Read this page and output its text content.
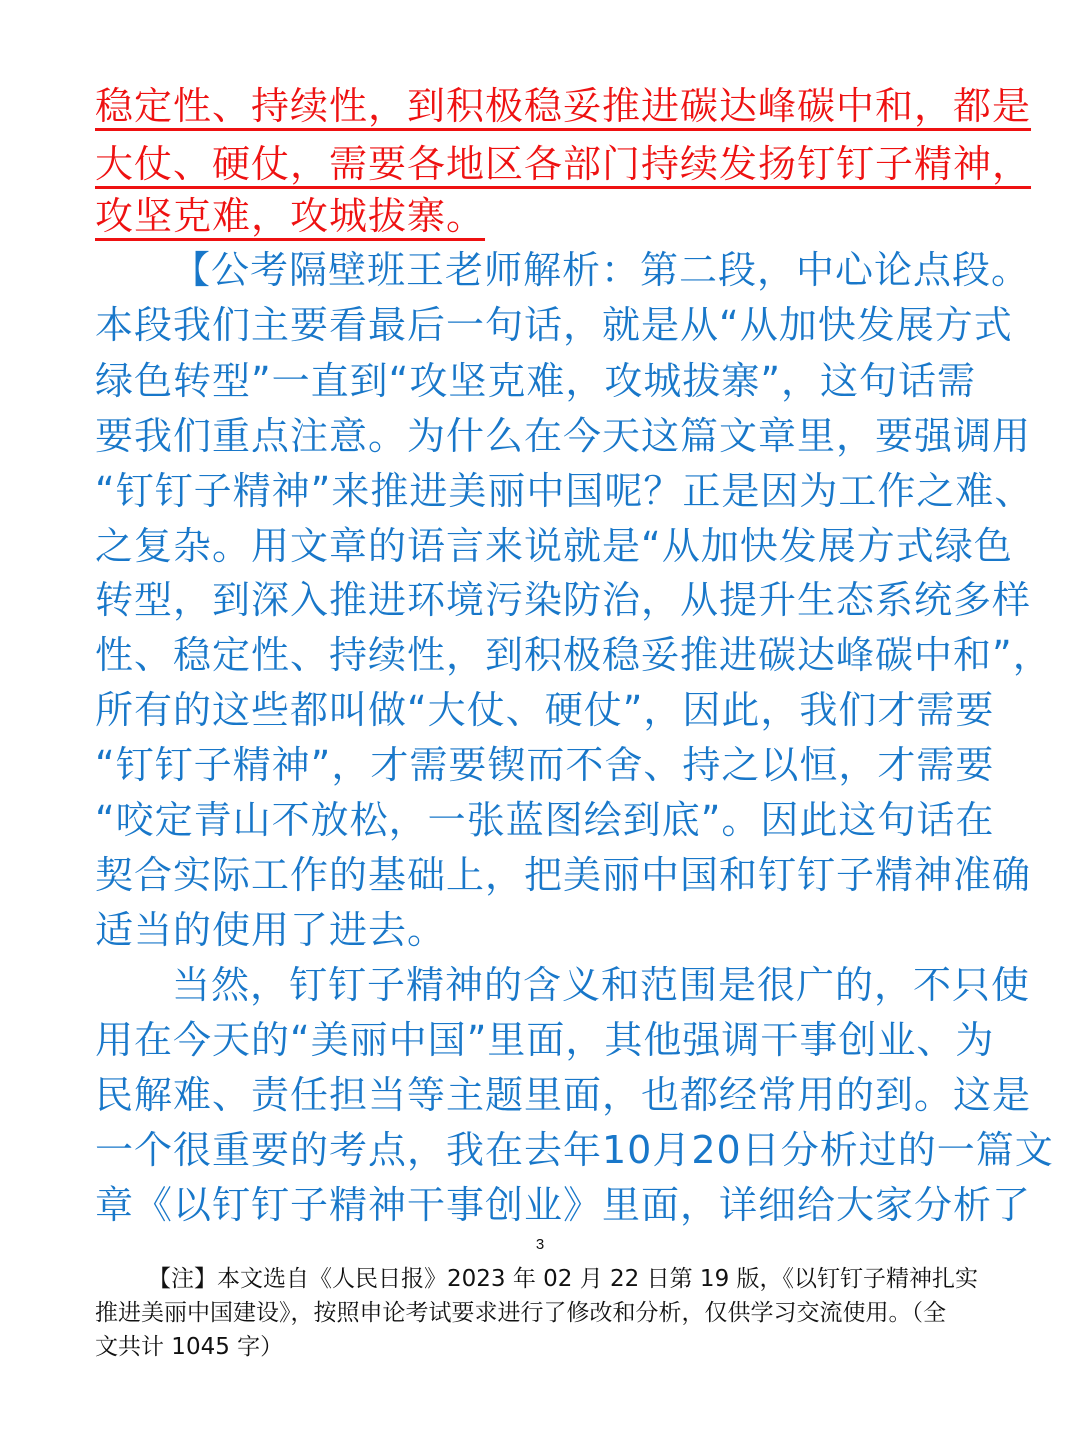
稳定性、持续性，到积极稳妥推进碳达峰碳中和，都是
大仗、硬仗，需要各地区各部门持续发扬钉钉子精神，
攻坚克难，攻城拔寨。
【公考隔壁班王老师解析：第二段，中心论点段。
本段我们主要看最后一句话，就是从“从加快发展方式
绿色转型”一直到“攻坚克难，攻城拔寨”，这句话需
要我们重点注意。为什么在今天这篇文章里，要强调用
“钉钉子精神”来推进美丽中国呢？正是因为工作之难、
之复杂。用文章的语言来说就是“从加快发展方式绿色
转型，到深入推进环境污染防治，从提升生态系统多样
性、稳定性、持续性，到积极稳妥推进碳达峰碳中和”，
所有的这些都叫做“大仗、硬仗”，因此，我们才需要
“钉钉子精神”，才需要锲而不舍、持之以恒，才需要
“咬定青山不放松，一张蓝图绘到底”。因此这句话在
契合实际工作的基础上，把美丽中国和钉钉子精神准确
适当的使用了进去。
当然，钉钉子精神的含义和范围是很广的，不只使
用在今天的“美丽中国”里面，其他强调干事创业、为
民解难、责任担当等主题里面，也都经常用的到。这是
一个很重要的考点，我在去年10月20日分析过的一篇文
章《以钉钉子精神干事创业》里面，详细给大家分析了
3
【注】本文选自《人民日报》2023 年 02 月 22 日第 19 版，《以钉钉子精神扎实
推进美丽中国建设》，按照申论考试要求进行了修改和分析，仅供学习交流使用。（全
文共计 1045 字）
